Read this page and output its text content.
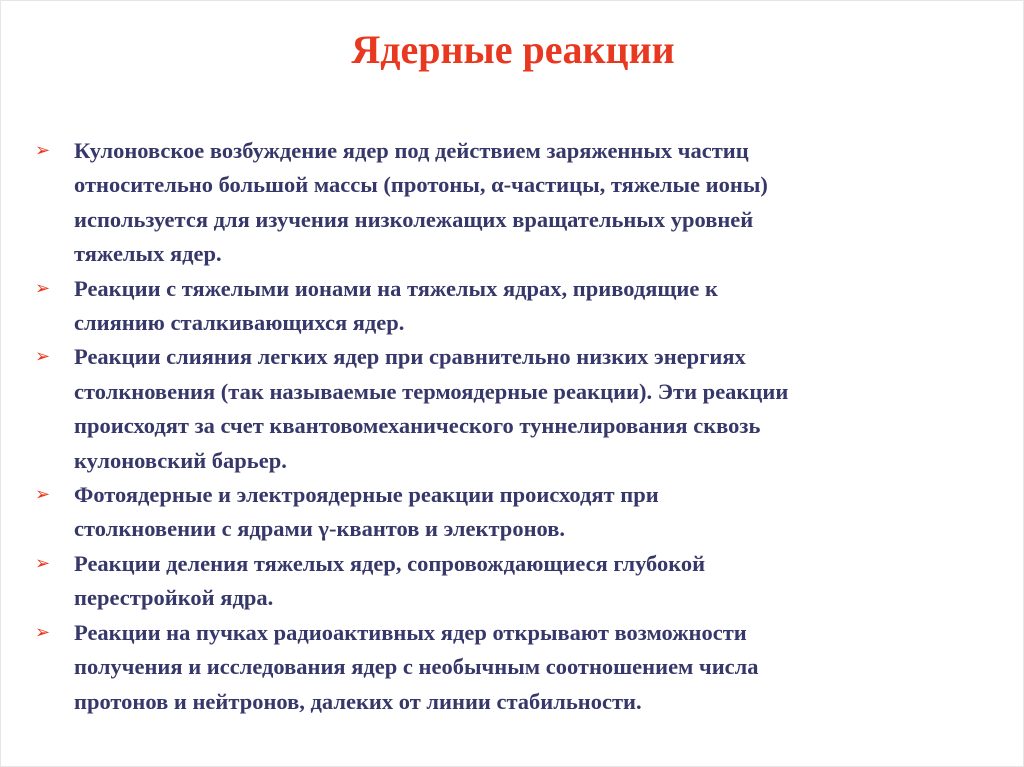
Ядерные реакции
➢	Кулоновское возбуждение ядер под действием заряженных частиц
относительно большой массы (протоны, α-частицы, тяжелые ионы)
используется для изучения низколежащих вращательных уровней
тяжелых ядер.
➢	Реакции с тяжелыми ионами на тяжелых ядрах, приводящие к
слиянию сталкивающихся ядер.
➢	Реакции слияния легких ядер при сравнительно низких энергиях
столкновения (так называемые термоядерные реакции). Эти реакции
происходят за счет квантовомеханического туннелирования сквозь
кулоновский барьер.
➢	Фотоядерные и электроядерные реакции происходят при
столкновении с ядрами γ-квантов и электронов.
➢	Реакции деления тяжелых ядер, сопровождающиеся глубокой
перестройкой ядра.
➢	Реакции на пучках радиоактивных ядер открывают возможности
получения и исследования ядер с необычным соотношением числа
протонов и нейтронов, далеких от линии стабильности.
